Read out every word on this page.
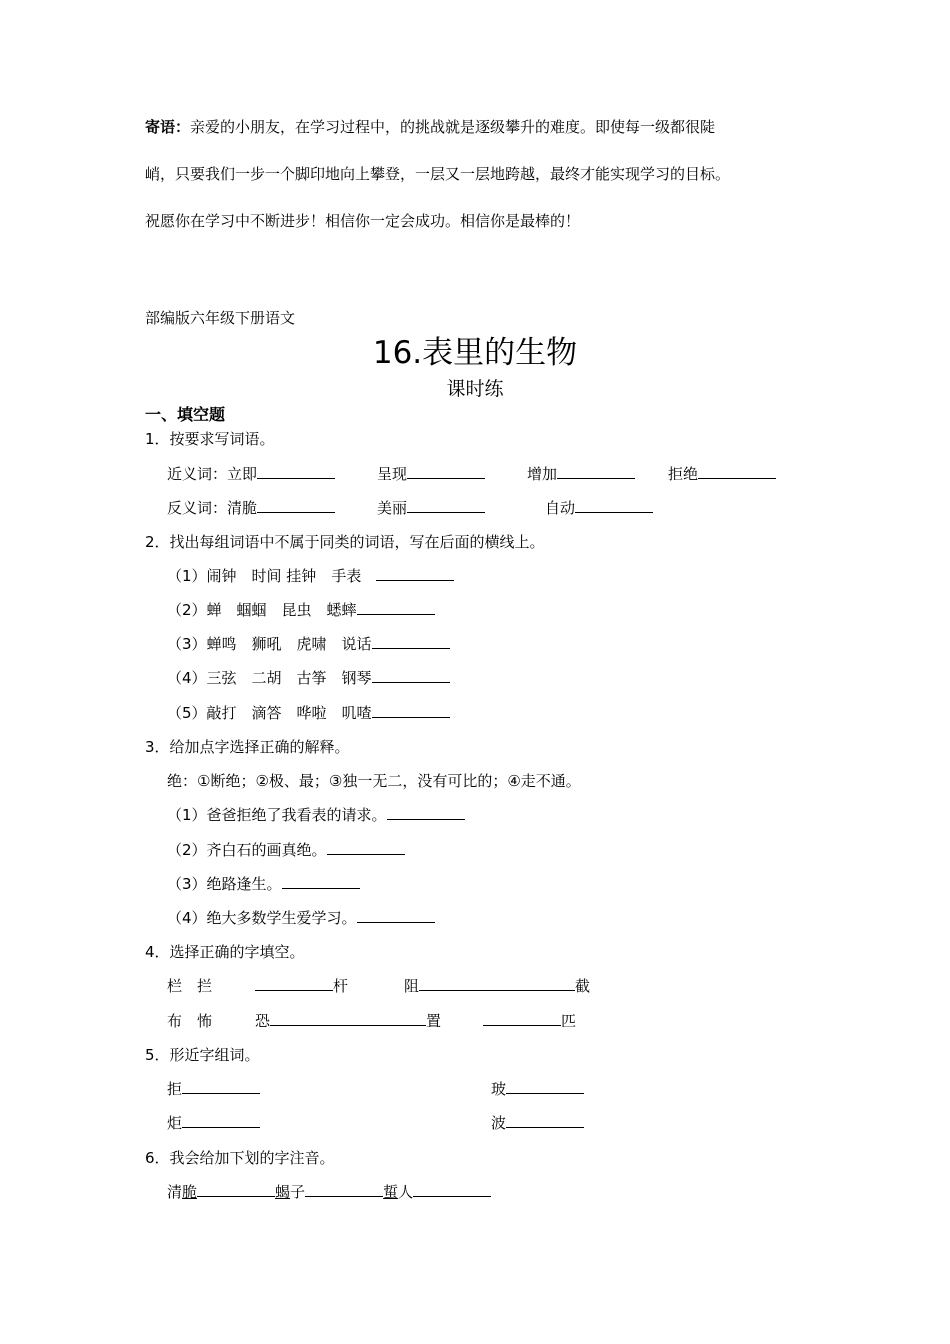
寄语：亲爱的小朋友，在学习过程中，的挑战就是逐级攀升的难度。即使每一级都很陡
峭，只要我们一步一个脚印地向上攀登，一层又一层地跨越，最终才能实现学习的目标。
祝愿你在学习中不断进步！相信你一定会成功。相信你是最棒的！
部编版六年级下册语文
16.表里的生物
课时练
一、填空题
1．按要求写词语。
近义词：立即	呈现	增加	拒绝
反义词：清脆	美丽	自动
2．找出每组词语中不属于同类的词语，写在后面的横线上。
（1）闹钟　时间 挂钟　手表　
（2）蝉　蝈蝈　昆虫　蟋蟀
（3）蝉鸣　狮吼　虎啸　说话
（4）三弦　二胡　古筝　钢琴
（5）敲打　滴答　哗啦　叽喳
3．给加点字选择正确的解释。
绝：①断绝；②极、最；③独一无二，没有可比的；④走不通。
（1）爸爸拒绝了我看表的请求。
（2）齐白石的画真绝。
（3）绝路逢生。
（4）绝大多数学生爱学习。
4．选择正确的字填空。
栏　拦	杆	阻	截
布　怖	恐	置	匹
5．形近字组词。
拒	玻
炬	波
6．我会给加下划的字注音。
清脆	蝎子	蜇人
